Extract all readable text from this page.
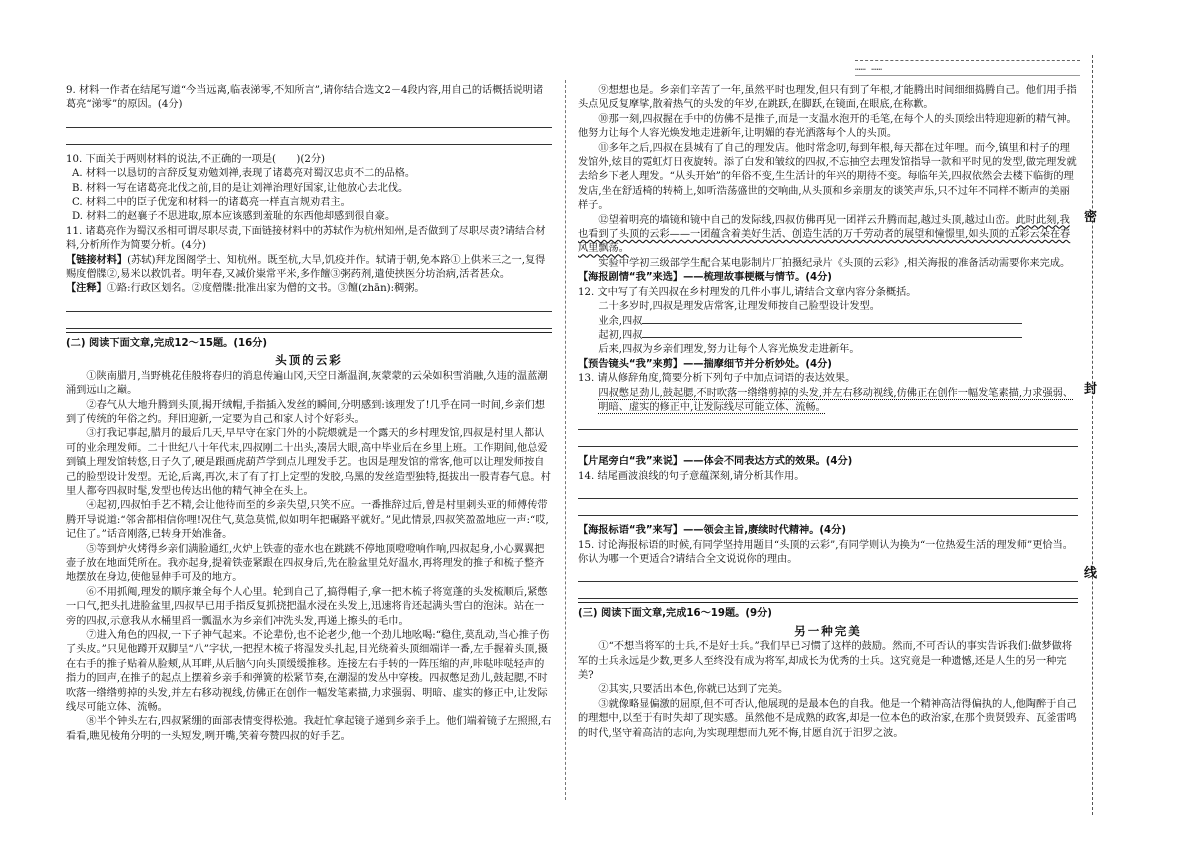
…… ……
密
封
线

9. 材料一作者在结尾写道“今当远离,临表涕零,不知所言”,请你结合选文2－4段内容,用自己的话概括说明诸葛亮“涕零”的原因。(4分)

10. 下面关于两则材料的说法,不正确的一项是(　　)(2分)

A. 材料一以恳切的言辞反复劝勉刘禅,表现了诸葛亮对蜀汉忠贞不二的品格。

B. 材料一写在诸葛亮北伐之前,目的是让刘禅治理好国家,让他放心去北伐。

C. 材料二中的臣子优宠和材料一的诸葛亮一样直言规劝君主。

D. 材料二的赵襄子不思进取,原本应该感到羞耻的东西他却感到很自豪。

11. 诸葛亮作为蜀汉丞相可谓尽职尽责,下面链接材料中的苏轼作为杭州知州,是否做到了尽职尽责?请结合材料,分析所作为简要分析。(4分)

【链接材料】(苏轼)拜龙图阁学士、知杭州。既至杭,大旱,饥疫并作。轼请于朝,免本路①上供米三之一,复得赐度僧牒②,易米以救饥者。明年春,又减价粜常平米,多作饘③粥药剂,遣使挟医分坊治病,活者甚众。

【注释】①路:行政区划名。②度僧牒:批准出家为僧的文书。③饘(zhān):稠粥。

(二) 阅读下面文章,完成12～15题。(16分)

头顶的云彩

①陕南腊月,当野桃花佳般将春归的消息传遍山冈,天空日渐温润,灰蒙蒙的云朵如积雪消融,久违的温蓝潮涌到远山之巅。

②春气从大地升腾到头顶,揭开绒帽,手指插入发丝的瞬间,分明感到:该理发了!几乎在同一时间,乡亲们想到了传统的年俗之约。拜旧迎新,一定要为自己和家人讨个好彩头。

③打我记事起,腊月的最后几天,早早守在家门外的小院煨就是一个露天的乡村理发馆,四叔是村里人都认可的业余理发师。二十世纪八十年代末,四叔刚二十出头,凑居大眼,高中毕业后在乡里上班。工作期间,他总爱到镇上理发馆转悠,日子久了,硬是跟画虎葫芦学到点儿理发手艺。也因是理发馆的常客,他可以让理发师按自己的脸型设计发型。无论,后离,再次,末了有了打上定型的发胶,乌黑的发丝造型独特,挺拔出一股青春气息。村里人都夸四叔时髦,发型也传达出他的精气神全在头上。

④起初,四叔怕手艺不精,会让他待而至的乡亲失望,只笑不应。一番推辞过后,曾是村里刺头亚的师傅传带腾开导说道:“邻舍都相信你哩!况住气,莫急莫慌,似如明年把碾路平就好。”见此情景,四叔笑盈盈地应一声:“哎,记住了。”话音刚落,已转身开始准备。

⑤等到炉火烤得乡亲们满脸通红,火炉上铁壶的壶水也在跳跳不停地顶噔噔响作响,四叔起身,小心翼翼把壶子放在地面凭所在。我亦起身,提着铁壶紧跟在四叔身后,先在脸盆里兑好温水,再将理发的推子和梳子整齐地摆放在身边,使他显伸手可及的地方。

⑥不用抓阄,理发的顺序兼全每个人心里。轮到自己了,搞得帽子,拿一把木梳子将宽蓬的头发梳顺后,紧憋一口气,把头扎进脸盆里,四叔早已用手指反复抓挠把温水浸在头发上,迅速将肯还起满头雪白的泡沫。站在一旁的四叔,示意我从水桶里舀一瓢温水为乡亲们冲洗头发,再递上擦头的毛巾。

⑦进入角色的四叔,一下子神气起来。不论辈份,也不论老少,他一个劲儿地吆喝:“稳住,莫乱动,当心推子伤了头皮。”只见他蹲开双脚呈“八”字状,一把捏木梳子将湿发头扎起,目光绕着头顶细端详一番,左手握着头顶,摄在右手的推子贴着从脸颊,从耳畔,从后脑勺向头顶缓缓推移。连接左右手转的一阵压缩的声,咔哒咔哒轻声的指力的回声,在推子的起点上摆着乡亲手和弹簧的松紧节奏,在潮湿的发丛中穿梭。四叔憋足劲儿,鼓起腮,不时吹落一绺绺剪掉的头发,并左右移动视线,仿佛正在创作一幅发笔素描,力求强弱、明暗、虚实的修正中,让发际线尽可能立体、流畅。

⑧半个钟头左右,四叔紧绷的面部表情变得松弛。我赶忙拿起镜子递到乡亲手上。他们端着镜子左照照,右看看,瞧见棱角分明的一头短发,咧开嘴,笑着夸赞四叔的好手艺。

⑨想想也是。乡亲们辛苦了一年,虽然平时也理发,但只有到了年根,才能腾出时间细细捣腾自己。他们用手指头点见反复摩挲,散着热气的头发的年岁,在跳跃,在脚跃,在镜面,在眼底,在称歉。

⑩那一刻,四叔握在手中的仿佛不是推子,而是一支温水泡开的毛笔,在每个人的头顶绘出特迎迎新的精气神。他努力让每个人容光焕发地走进新年,让明媚的春光洒落每个人的头顶。

⑪多年之后,四叔在县城有了自己的理发店。他时常念叨,每到年根,每天都在过年哩。而今,镇里和村子的理发馆外,炫目的霓虹灯日夜旋转。添了白发和皱纹的四叔,不忘抽空去理发馆指导一款和平时见的发型,做完理发就去给乡下老人理发。“从头开始”的年俗不变,生生活计的年兴的期待不变。每临年关,四叔依然会去楼下临街的理发店,坐在舒适椅的转椅上,如听浩荡盛世的交响曲,从头顶和乡亲朋友的谈笑声乐,只不过年不同样不断声的美丽样子。

⑫望着明亮的墙镜和镜中自己的发际线,四叔仿佛再见一团祥云升腾而起,越过头顶,越过山峦。此时此刻,我也看到了头顶的云彩——一团蕴含着美好生活、创造生活的万千劳动者的展望和憧憬里,如头顶的五彩云朵在春风里飘荡。

实验中学初三级部学生配合某电影制片厂拍摄纪录片《头顶的云彩》,相关海报的准备活动需要你来完成。

【海报剧情“我”来选】——梳理故事梗概与情节。(4分)

12. 文中写了有关四叔在乡村理发的几件小事儿,请结合文章内容分条概括。

二十多岁时,四叔是理发店常客,让理发师按自己脸型设计发型。

业余,四叔

起初,四叔

后来,四叔为乡亲们理发,努力让每个人容光焕发走进新年。

【预告镜头“我”来剪】——揣摩细节并分析妙处。(4分)

13. 请从修辞角度,简要分析下列句子中加点词语的表达效果。

四叔憋足劲儿,鼓起腮,不时吹落一绺绺剪掉的头发,并左右移动视线,仿佛正在创作一幅发笔素描,力求强弱、明暗、虚实的修正中,让发际线尽可能立体、流畅。

【片尾旁白“我”来说】——体会不同表达方式的效果。(4分)

14. 结尾画波浪线的句子意蕴深刻,请分析其作用。

【海报标语“我”来写】——领会主旨,赓续时代精神。(4分)

15. 讨论海报标语的时候,有同学坚持用题目“头顶的云彩”,有同学则认为换为“一位热爱生活的理发师”更恰当。你认为哪一个更适合?请结合全文说说你的理由。

(三) 阅读下面文章,完成16～19题。(9分)

另一种完美

①“不想当将军的士兵,不是好士兵。”我们早已习惯了这样的鼓励。然而,不可否认的事实告诉我们:做梦做将军的士兵永远是少数,更多人至终没有成为将军,却成长为优秀的士兵。这究竟是一种遗憾,还是人生的另一种完美?

②其实,只要活出本色,你就已达到了完美。

③就像略显偏激的屈原,但不可否认,他展现的是最本色的自我。他是一个精神高洁得偏执的人,他陶醉于自己的理想中,以至于有时失却了现实感。虽然他不是成熟的政客,却是一位本色的政治家,在那个贵贤毁弃、瓦釜雷鸣的时代,坚守着高洁的志向,为实现理想而九死不悔,甘愿自沉于汨罗之波。
